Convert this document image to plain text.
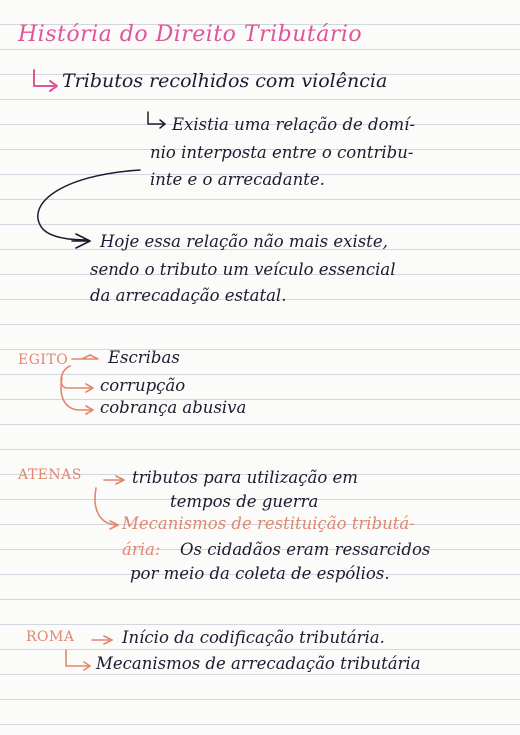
História do Direito Tributário
Tributos recolhidos com violência
Existia uma relação de domí-
nio interposta entre o contribu-
inte e o arrecadante.
Hoje essa relação não mais existe,
sendo o tributo um veículo essencial
da arrecadação estatal.
EGITO Escribas
corrupção
cobrança abusiva
ATENAS	tributos para utilização em
tempos de guerra
Mecanismos de restituição tributá-
ária: Os cidadãos eram ressarcidos
por meio da coleta de espólios.
ROMA	Início da codificação tributária.
Mecanismos de arrecadação tributária
